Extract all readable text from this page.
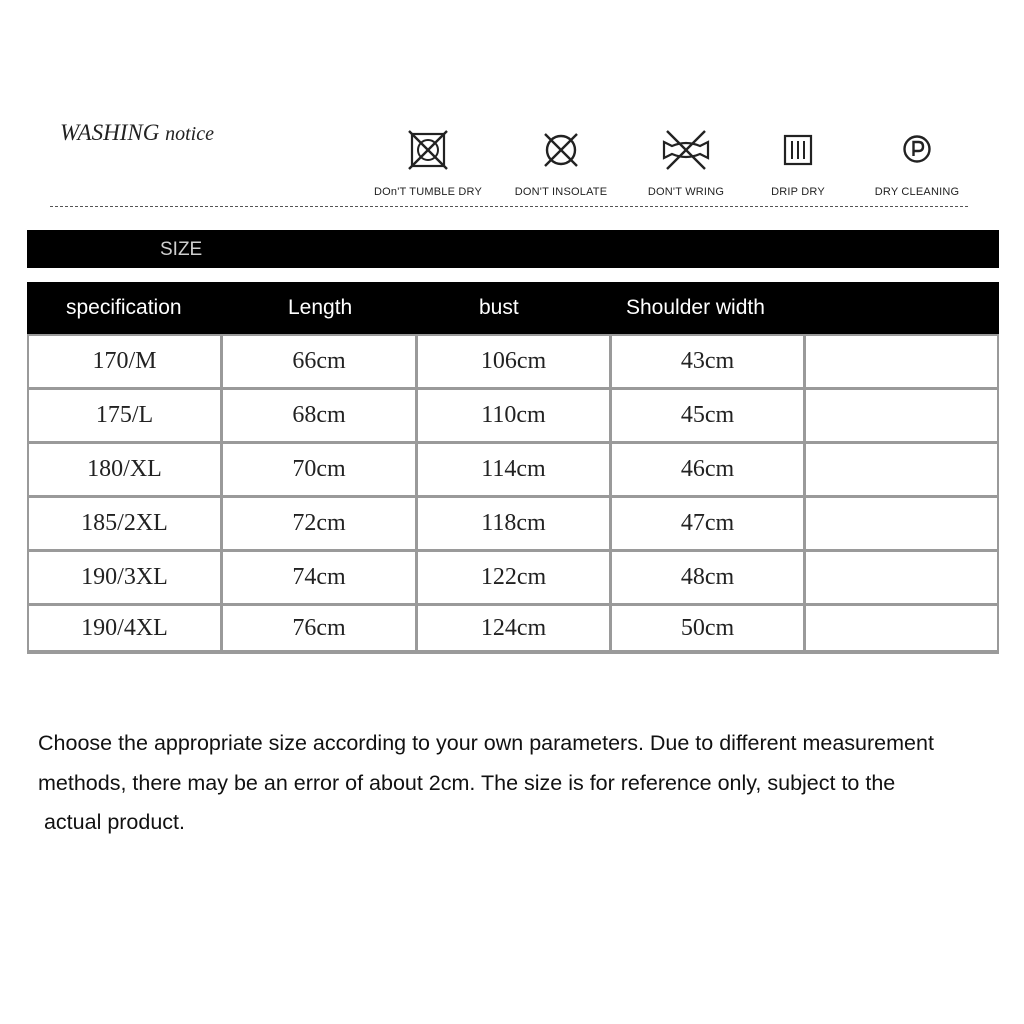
WASHING notice
DOn'T TUMBLE DRY	DON'T INSOLATE	DON'T WRING	DRIP DRY	DRY CLEANING
SIZE
specification	Length	bust	Shoulder width
170/M	66cm	106cm	43cm
175/L	68cm	110cm	45cm
180/XL	70cm	114cm	46cm
185/2XL	72cm	118cm	47cm
190/3XL	74cm	122cm	48cm
190/4XL	76cm	124cm	50cm
Choose the appropriate size according to your own parameters. Due to different measurement
methods, there may be an error of about 2cm. The size is for reference only, subject to the
actual product.
